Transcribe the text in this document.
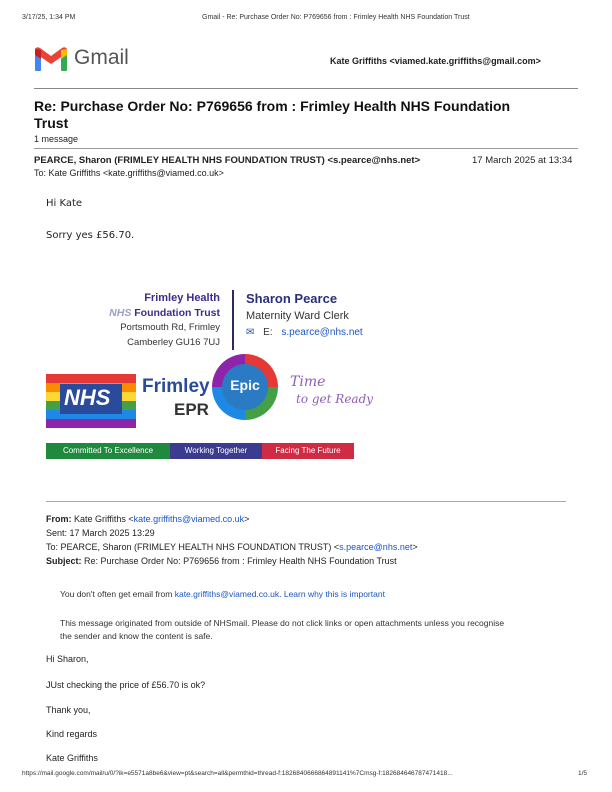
3/17/25, 1:34 PM	Gmail - Re: Purchase Order No: P769656 from : Frimley Health NHS Foundation Trust
Gmail	Kate Griffiths <viamed.kate.griffiths@gmail.com>
Re: Purchase Order No: P769656 from : Frimley Health NHS Foundation
Trust
1 message
PEARCE, Sharon (FRIMLEY HEALTH NHS FOUNDATION TRUST) <s.pearce@nhs.net>	17 March 2025 at 13:34
To: Kate Griffiths <kate.griffiths@viamed.co.uk>
Hi Kate
Sorry yes £56.70.
Frimley Health
NHS Foundation Trust
Portsmouth Rd, Frimley
Camberley GU16 7UJ
Sharon Pearce
Maternity Ward Clerk
✉ E: s.pearce@nhs.net
NHS Frimley
EPR
Epic	Time
to get Ready
Committed To Excellence	Working Together	Facing The Future
From: Kate Griffiths <kate.griffiths@viamed.co.uk>
Sent: 17 March 2025 13:29
To: PEARCE, Sharon (FRIMLEY HEALTH NHS FOUNDATION TRUST) <s.pearce@nhs.net>
Subject: Re: Purchase Order No: P769656 from : Frimley Health NHS Foundation Trust
You don't often get email from kate.griffiths@viamed.co.uk. Learn why this is important
This message originated from outside of NHSmail. Please do not click links or open attachments unless you recognise
the sender and know the content is safe.
Hi Sharon,
JUst checking the price of £56.70 is ok?
Thank you,
Kind regards
Kate Griffiths
https://mail.google.com/mail/u/0/?ik=e5571a8be6&view=pt&search=all&permthid=thread-f:1826840666864891141%7Cmsg-f:182684646787471418...	1/5
